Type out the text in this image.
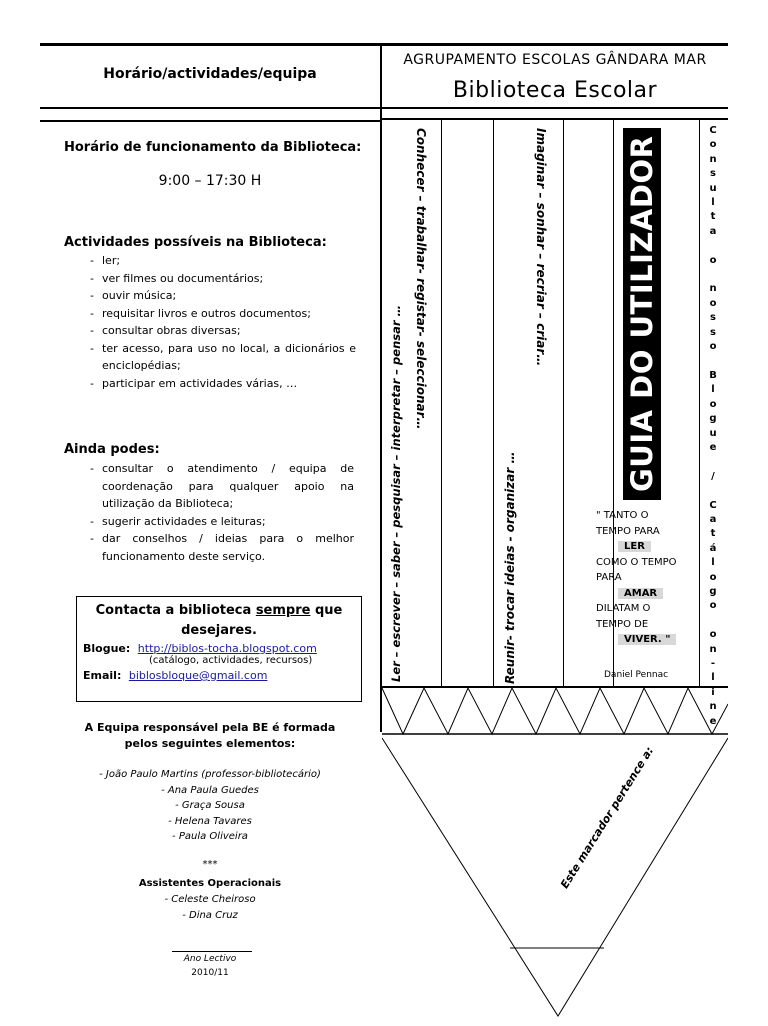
Horário/actividades/equipa
AGRUPAMENTO ESCOLAS GÂNDARA MAR
Biblioteca Escolar
Horário de funcionamento da Biblioteca:
9:00 – 17:30 H
Actividades possíveis na Biblioteca:
- ler;
- ver filmes ou documentários;
- ouvir música;
- requisitar livros e outros documentos;
- consultar obras diversas;
- ter acesso, para uso no local, a dicionários e enciclopédias;
- participar em actividades várias, …
Ainda podes:
- consultar o atendimento / equipa de coordenação para qualquer apoio na utilização da Biblioteca;
- sugerir actividades e leituras;
- dar conselhos / ideias para o melhor funcionamento deste serviço.
Contacta a biblioteca sempre que
desejares.
Blogue: http://biblos-tocha.blogspot.com
(catálogo, actividades, recursos)
Email: biblosbloque@gmail.com
A Equipa responsável pela BE é formada
pelos seguintes elementos:
- João Paulo Martins (professor-bibliotecário)
- Ana Paula Guedes
- Graça Sousa
- Helena Tavares
- Paula Oliveira
***
Assistentes Operacionais
- Celeste Cheiroso
- Dina Cruz
Ano Lectivo
2010/11
Conhecer – trabalhar- registar- seleccionar…
Ler – escrever – saber – pesquisar – interpretar – pensar …
Imaginar – sonhar – recriar – criar…
Reunir- trocar ideias - organizar …
GUIA DO UTILIZADOR
C
o
n
s
u
l
t
a

o

n
o
s
s
o

B
l
o
g
u
e

/

C
a
t
á
l
o
g
o

o
n
-
l
i
n
e
" TANTO O
TEMPO PARA
LER
COMO O TEMPO
PARA
AMAR
DILATAM O
TEMPO DE
VIVER. "
Daniel Pennac
Este marcador pertence a:
